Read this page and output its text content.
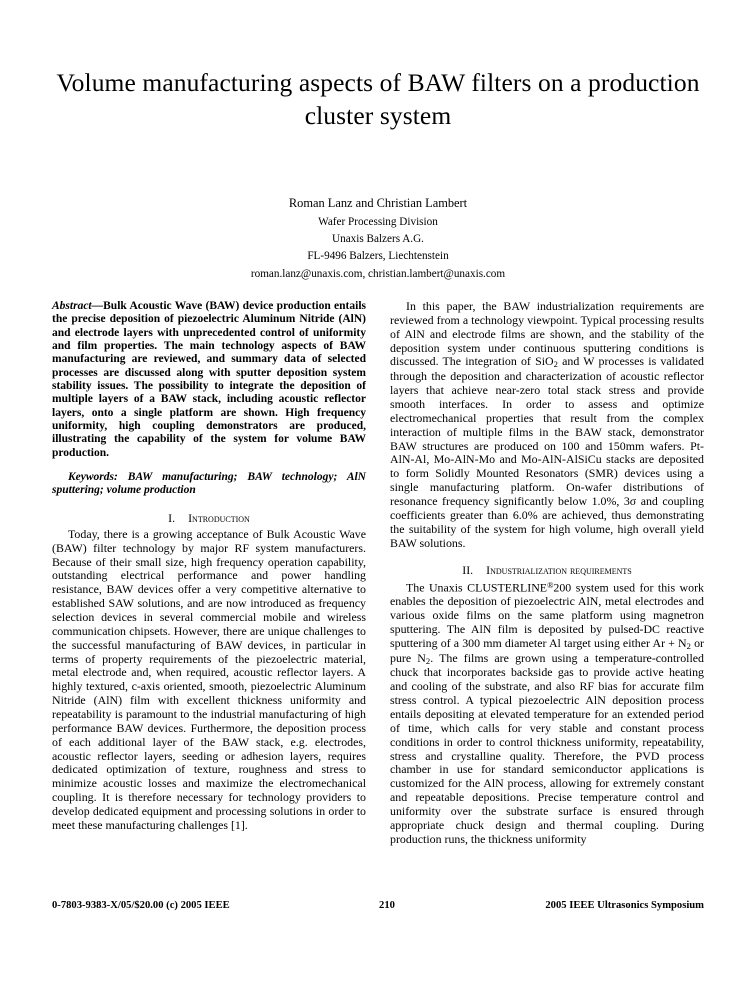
Volume manufacturing aspects of BAW filters on a production cluster system
Roman Lanz and Christian Lambert
Wafer Processing Division
Unaxis Balzers A.G.
FL-9496 Balzers, Liechtenstein
roman.lanz@unaxis.com, christian.lambert@unaxis.com

Abstract—Bulk Acoustic Wave (BAW) device production entails the precise deposition of piezoelectric Aluminum Nitride (AlN) and electrode layers with unprecedented control of uniformity and film properties. The main technology aspects of BAW manufacturing are reviewed, and summary data of selected processes are discussed along with sputter deposition system stability issues. The possibility to integrate the deposition of multiple layers of a BAW stack, including acoustic reflector layers, onto a single platform are shown. High frequency uniformity, high coupling demonstrators are produced, illustrating the capability of the system for volume BAW production.

Keywords: BAW manufacturing; BAW technology; AlN sputtering; volume production

I. Introduction

Today, there is a growing acceptance of Bulk Acoustic Wave (BAW) filter technology by major RF system manufacturers. Because of their small size, high frequency operation capability, outstanding electrical performance and power handling resistance, BAW devices offer a very competitive alternative to established SAW solutions, and are now introduced as frequency selection devices in several commercial mobile and wireless communication chipsets. However, there are unique challenges to the successful manufacturing of BAW devices, in particular in terms of property requirements of the piezoelectric material, metal electrode and, when required, acoustic reflector layers. A highly textured, c-axis oriented, smooth, piezoelectric Aluminum Nitride (AlN) film with excellent thickness uniformity and repeatability is paramount to the industrial manufacturing of high performance BAW devices. Furthermore, the deposition process of each additional layer of the BAW stack, e.g. electrodes, acoustic reflector layers, seeding or adhesion layers, requires dedicated optimization of texture, roughness and stress to minimize acoustic losses and maximize the electromechanical coupling. It is therefore necessary for technology providers to develop dedicated equipment and processing solutions in order to meet these manufacturing challenges [1].

In this paper, the BAW industrialization requirements are reviewed from a technology viewpoint. Typical processing results of AlN and electrode films are shown, and the stability of the deposition system under continuous sputtering conditions is discussed. The integration of SiO$_2$ and W processes is validated through the deposition and characterization of acoustic reflector layers that achieve near-zero total stack stress and provide smooth interfaces. In order to assess and optimize electromechanical properties that result from the complex interaction of multiple films in the BAW stack, demonstrator BAW structures are produced on 100 and 150mm wafers. Pt-AlN-Al, Mo-AlN-Mo and Mo-AlN-AlSiCu stacks are deposited to form Solidly Mounted Resonators (SMR) devices using a single manufacturing platform. On-wafer distributions of resonance frequency significantly below 1.0%, 3σ and coupling coefficients greater than 6.0% are achieved, thus demonstrating the suitability of the system for high volume, high overall yield BAW solutions.

II. Industrialization requirements

The Unaxis CLUSTERLINE®200 system used for this work enables the deposition of piezoelectric AlN, metal electrodes and various oxide films on the same platform using magnetron sputtering. The AlN film is deposited by pulsed-DC reactive sputtering of a 300 mm diameter Al target using either $Ar + N_2$ or pure $N_2$. The films are grown using a temperature-controlled chuck that incorporates backside gas to provide active heating and cooling of the substrate, and also RF bias for accurate film stress control. A typical piezoelectric AlN deposition process entails depositing at elevated temperature for an extended period of time, which calls for very stable and constant process conditions in order to control thickness uniformity, repeatability, stress and crystalline quality. Therefore, the PVD process chamber in use for standard semiconductor applications is customized for the AlN process, allowing for extremely constant and repeatable depositions. Precise temperature control and uniformity over the substrate surface is ensured through appropriate chuck design and thermal coupling. During production runs, the thickness uniformity

0-7803-9383-X/05/$20.00 (c) 2005 IEEE	210	2005 IEEE Ultrasonics Symposium
